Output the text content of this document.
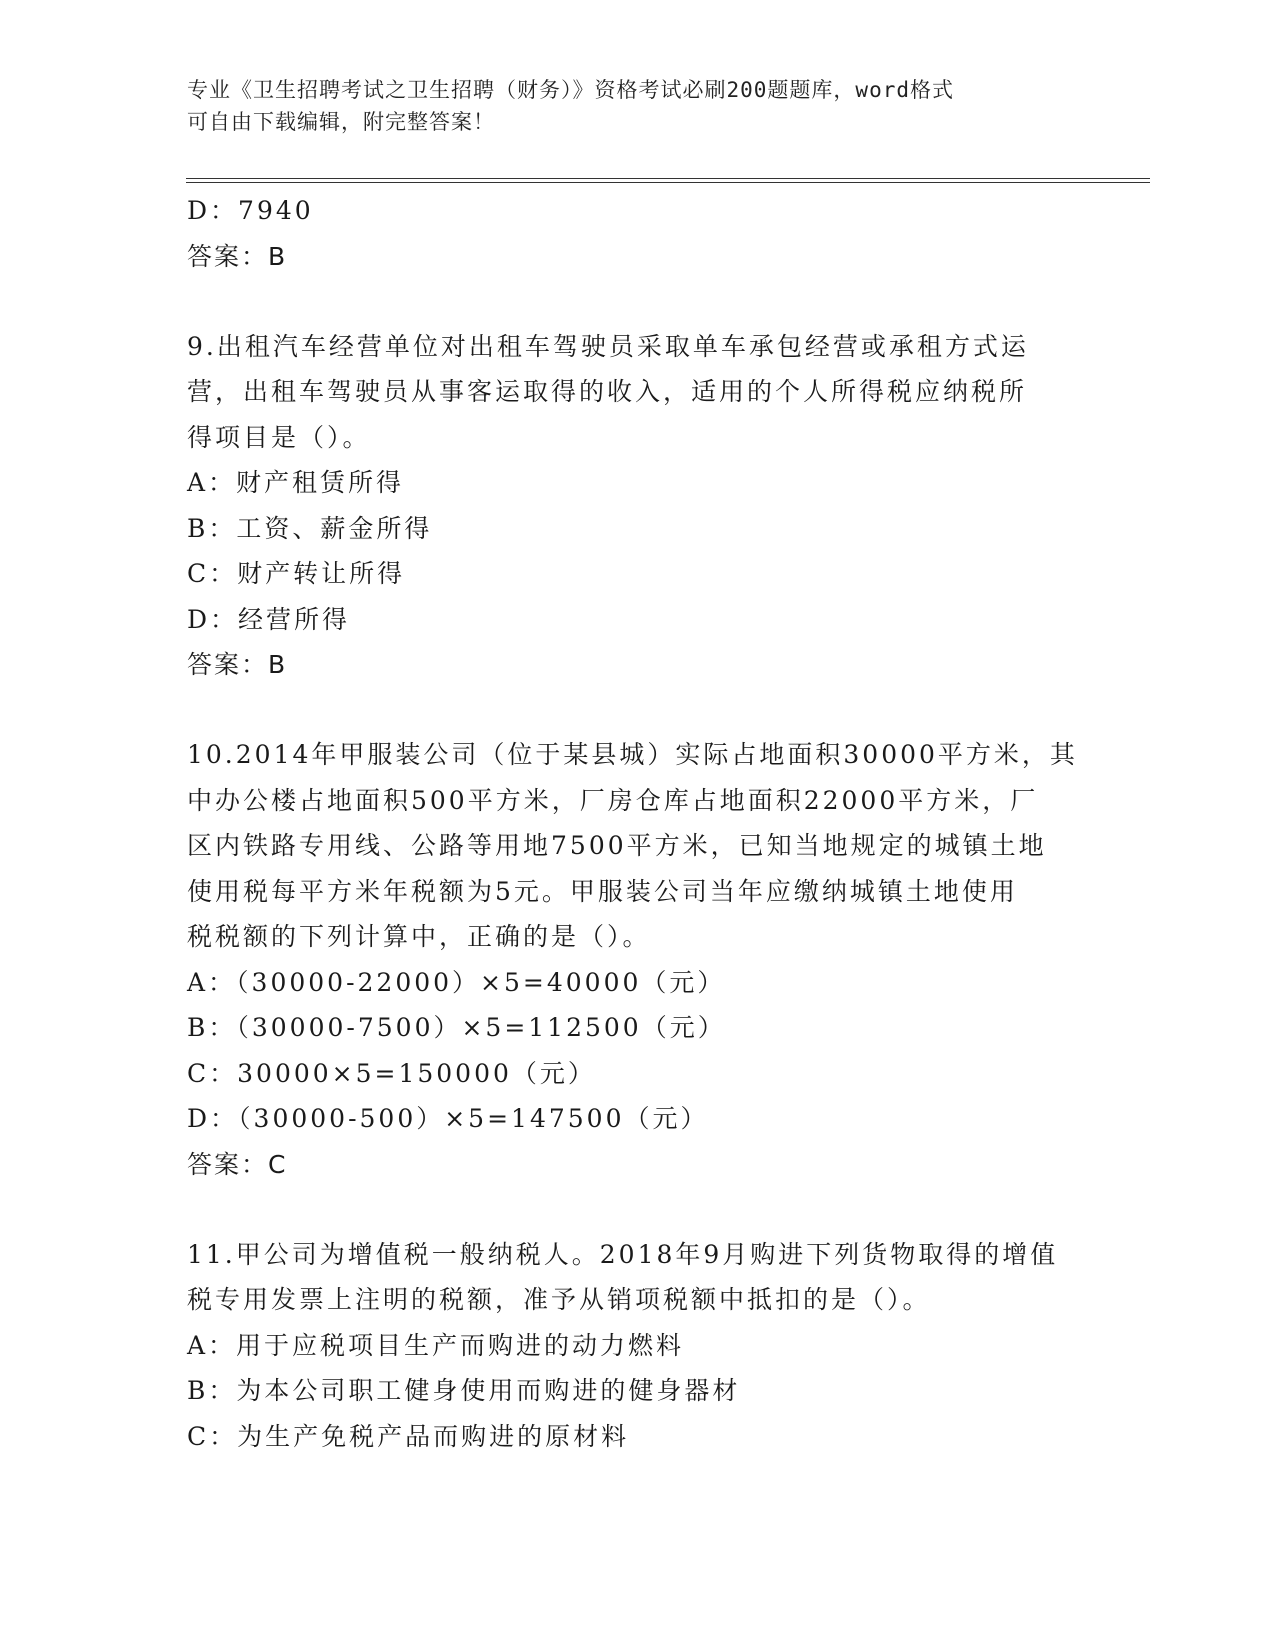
专业《卫生招聘考试之卫生招聘（财务）》资格考试必刷200题题库，word格式
可自由下载编辑，附完整答案！
D：7940
答案：B
9.出租汽车经营单位对出租车驾驶员采取单车承包经营或承租方式运
营，出租车驾驶员从事客运取得的收入，适用的个人所得税应纳税所
得项目是（）。
A：财产租赁所得
B：工资、薪金所得
C：财产转让所得
D：经营所得
答案：B
10.2014年甲服装公司（位于某县城）实际占地面积30000平方米，其
中办公楼占地面积500平方米，厂房仓库占地面积22000平方米，厂
区内铁路专用线、公路等用地7500平方米，已知当地规定的城镇土地
使用税每平方米年税额为5元。甲服装公司当年应缴纳城镇土地使用
税税额的下列计算中，正确的是（）。
A：（30000-22000）×5=40000（元）
B：（30000-7500）×5=112500（元）
C：30000×5=150000（元）
D：（30000-500）×5=147500（元）
答案：C
11.甲公司为增值税一般纳税人。2018年9月购进下列货物取得的增值
税专用发票上注明的税额，准予从销项税额中抵扣的是（）。
A：用于应税项目生产而购进的动力燃料
B：为本公司职工健身使用而购进的健身器材
C：为生产免税产品而购进的原材料
